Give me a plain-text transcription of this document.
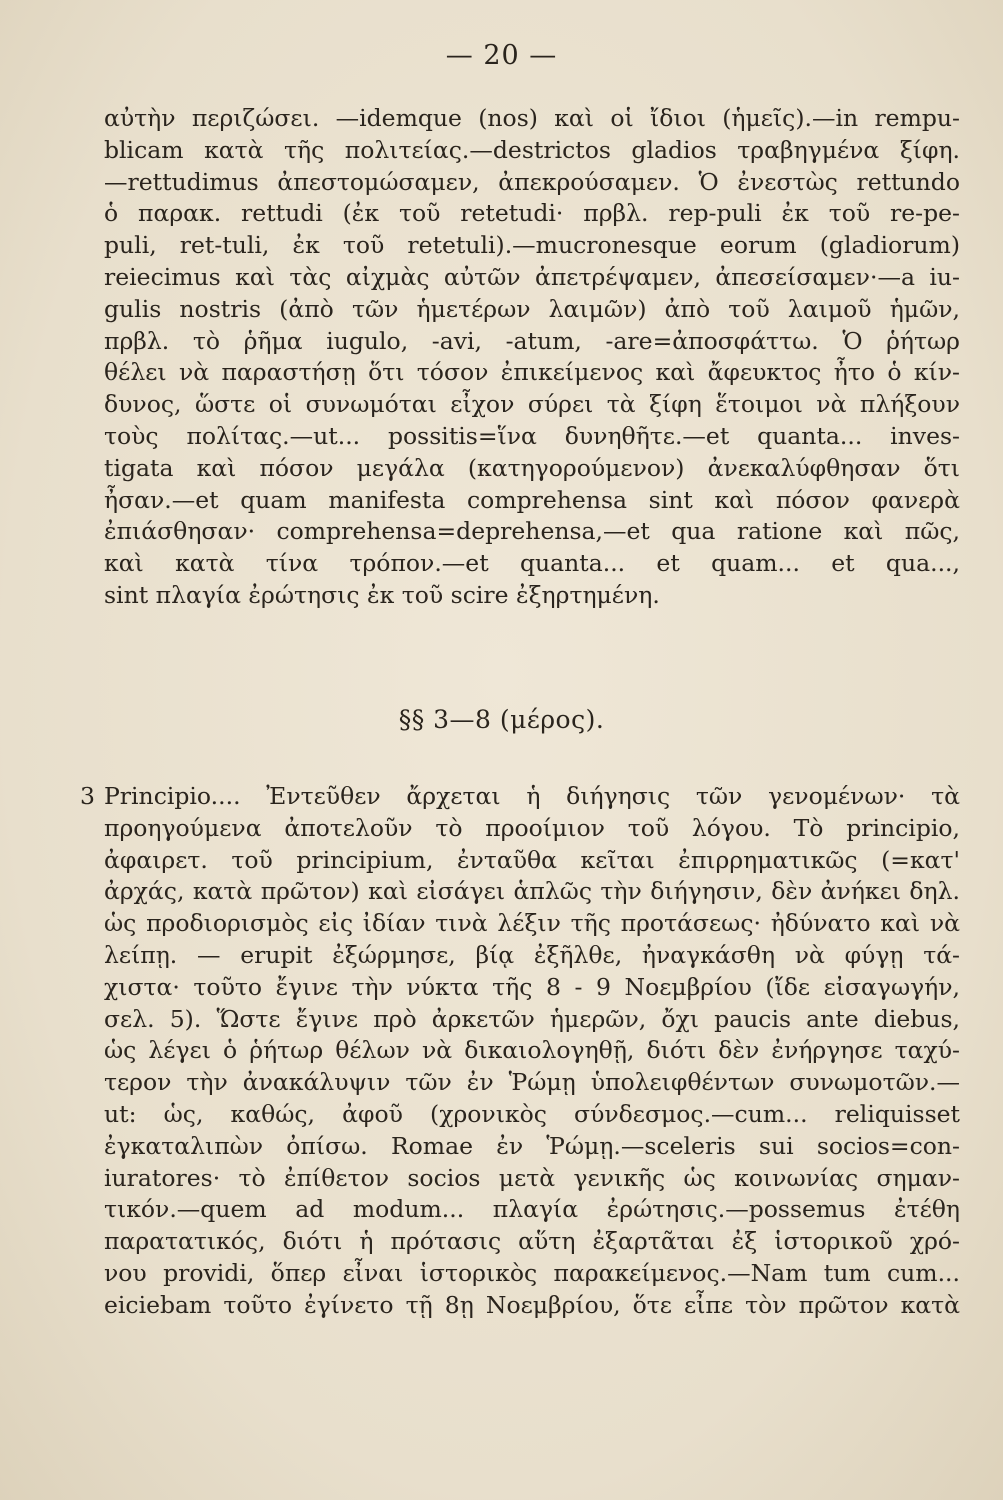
— 20 —
αὐτὴν περιζώσει. —idemque (nos) καὶ οἱ ἴδιοι (ἡμεῖς).—in rempu-
blicam κατὰ τῆς πολιτείας.—destrictos gladios τραβηγμένα ξίφη.
—rettudimus ἀπεστομώσαμεν, ἀπεκρούσαμεν. Ὁ ἐνεστὼς rettundo
ὁ παρακ. rettudi (ἐκ τοῦ retetudi· πρβλ. rep-puli ἐκ τοῦ re-pe-
puli, ret-tuli, ἐκ τοῦ retetuli).—mucronesque eorum (gladiorum)
reiecimus καὶ τὰς αἰχμὰς αὐτῶν ἀπετρέψαμεν, ἀπεσείσαμεν·—a iu-
gulis nostris (ἀπὸ τῶν ἡμετέρων λαιμῶν) ἀπὸ τοῦ λαιμοῦ ἡμῶν,
πρβλ. τὸ ῥῆμα iugulo, -avi, -atum, -are=ἀποσφάττω. Ὁ ῥήτωρ
θέλει νὰ παραστήσῃ ὅτι τόσον ἐπικείμενος καὶ ἄφευκτος ἦτο ὁ κίν-
δυνος, ὥστε οἱ συνωμόται εἶχον σύρει τὰ ξίφη ἕτοιμοι νὰ πλήξουν
τοὺς πολίτας.—ut... possitis=ἵνα δυνηθῆτε.—et quanta... inves-
tigata καὶ πόσον μεγάλα (κατηγορούμενον) ἀνεκαλύφθησαν ὅτι
ἦσαν.—et quam manifesta comprehensa sint καὶ πόσον φανερὰ
ἐπιάσθησαν· comprehensa=deprehensa,—et qua ratione καὶ πῶς,
καὶ κατὰ τίνα τρόπον.—et quanta... et quam... et qua...,
sint πλαγία ἐρώτησις ἐκ τοῦ scire ἐξηρτημένη.
§§ 3—8 (μέρος).
3 Principio.... Ἐντεῦθεν ἄρχεται ἡ διήγησις τῶν γενομένων· τὰ
προηγούμενα ἀποτελοῦν τὸ προοίμιον τοῦ λόγου. Τὸ principio,
ἀφαιρετ. τοῦ principium, ἐνταῦθα κεῖται ἐπιρρηματικῶς (=κατ'
ἀρχάς, κατὰ πρῶτον) καὶ εἰσάγει ἁπλῶς τὴν διήγησιν, δὲν ἀνήκει δηλ.
ὡς προδιορισμὸς εἰς ἰδίαν τινὰ λέξιν τῆς προτάσεως· ἠδύνατο καὶ νὰ
λείπῃ. — erupit ἐξώρμησε, βίᾳ ἐξῆλθε, ἠναγκάσθη νὰ φύγῃ τά-
χιστα· τοῦτο ἔγινε τὴν νύκτα τῆς 8 - 9 Νοεμβρίου (ἴδε εἰσαγωγήν,
σελ. 5). Ὥστε ἔγινε πρὸ ἀρκετῶν ἡμερῶν, ὄχι paucis ante diebus,
ὡς λέγει ὁ ῥήτωρ θέλων νὰ δικαιολογηθῇ, διότι δὲν ἐνήργησε ταχύ-
τερον τὴν ἀνακάλυψιν τῶν ἐν Ῥώμῃ ὑπολειφθέντων συνωμοτῶν.—
ut: ὡς, καθώς, ἀφοῦ (χρονικὸς σύνδεσμος.—cum... reliquisset
ἐγκαταλιπὼν ὀπίσω. Romae ἐν Ῥώμῃ.—sceleris sui socios=con-
iuratores· τὸ ἐπίθετον socios μετὰ γενικῆς ὡς κοινωνίας σημαν-
τικόν.—quem ad modum... πλαγία ἐρώτησις.—possemus ἐτέθη
παρατατικός, διότι ἡ πρότασις αὕτη ἐξαρτᾶται ἐξ ἱστορικοῦ χρό-
νου providi, ὅπερ εἶναι ἱστορικὸς παρακείμενος.—Nam tum cum...
eiciebam τοῦτο ἐγίνετο τῇ 8ῃ Νοεμβρίου, ὅτε εἶπε τὸν πρῶτον κατὰ
